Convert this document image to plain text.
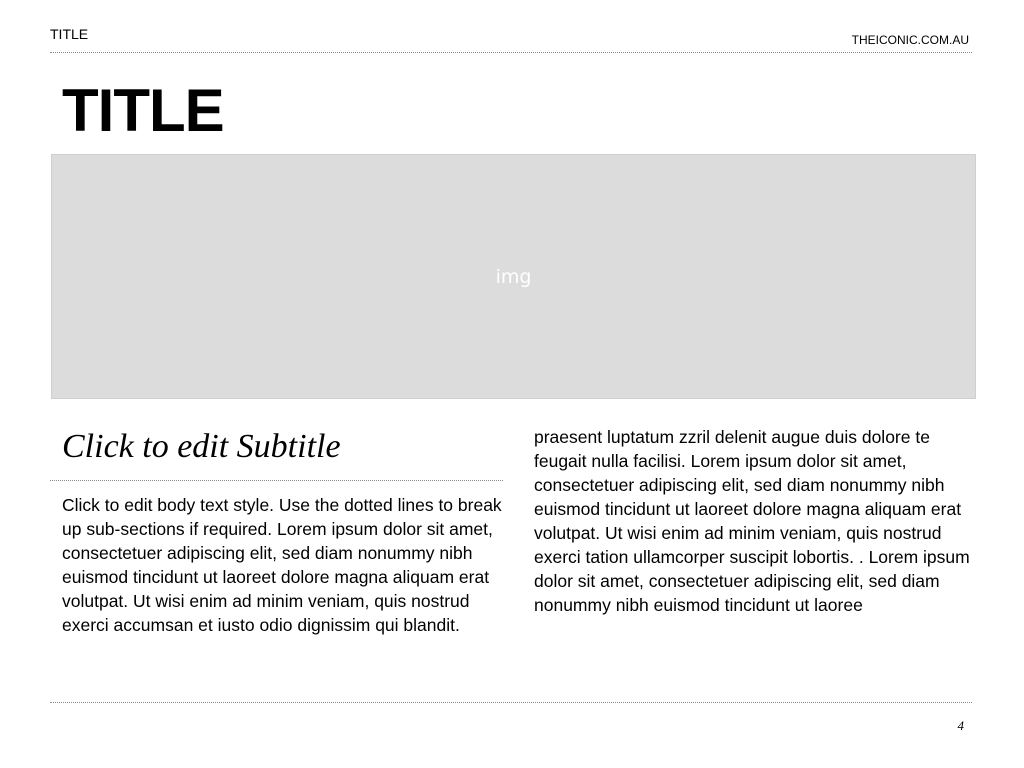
TITLE	THEICONIC.COM.AU
TITLE
img
Click to edit Subtitle
Click to edit body text style. Use the dotted lines to break up sub-sections if required. Lorem ipsum dolor sit amet, consectetuer adipiscing elit, sed diam nonummy nibh euismod tincidunt ut laoreet dolore magna aliquam erat volutpat. Ut wisi enim ad minim veniam, quis nostrud exerci accumsan et iusto odio dignissim qui blandit.
praesent luptatum zzril delenit augue duis dolore te feugait nulla facilisi. Lorem ipsum dolor sit amet, consectetuer adipiscing elit, sed diam nonummy nibh euismod tincidunt ut laoreet dolore magna aliquam erat volutpat. Ut wisi enim ad minim veniam, quis nostrud exerci tation ullamcorper suscipit lobortis. . Lorem ipsum dolor sit amet, consectetuer adipiscing elit, sed diam nonummy nibh euismod tincidunt ut laoree
4
